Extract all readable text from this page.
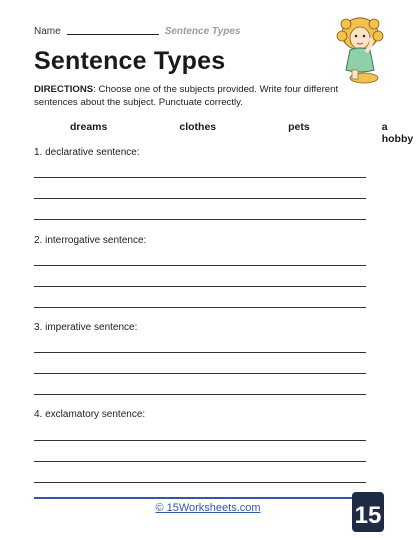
Name	Sentence Types
Sentence Types
DIRECTIONS: Choose one of the subjects provided. Write four different sentences about the subject. Punctuate correctly.
dreams	clothes	pets	a hobby
1. declarative sentence:
2. interrogative sentence:
3. imperative sentence:
4. exclamatory sentence:
© 15Worksheets.com	15
